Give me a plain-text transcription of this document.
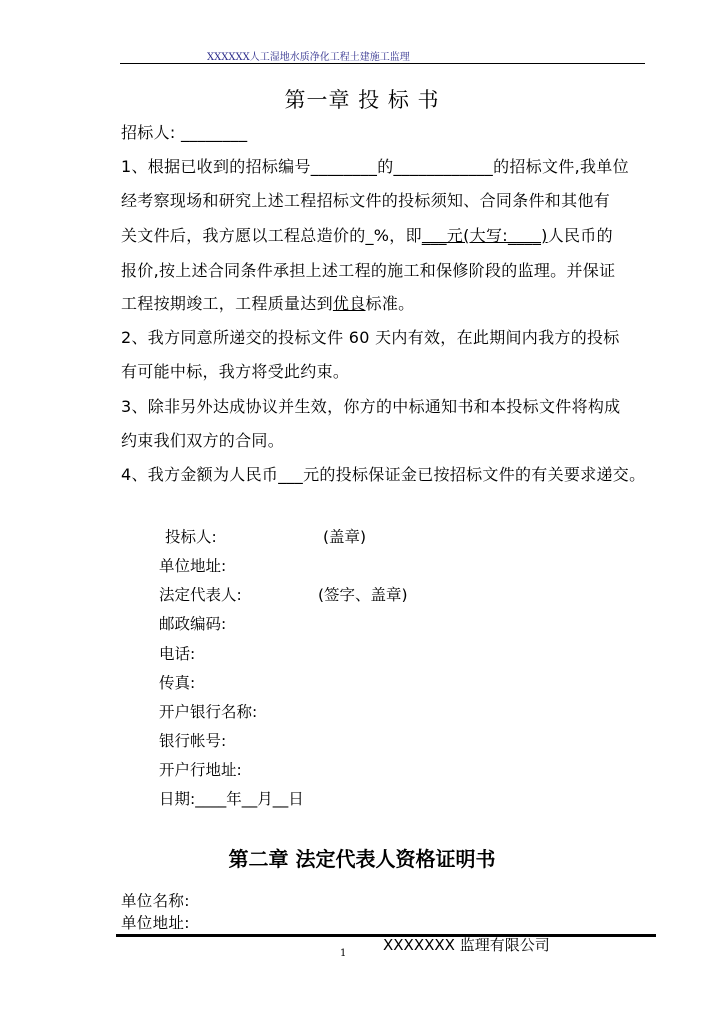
XXXXXX人工湿地水质净化工程土建施工监理
第一章 投 标 书
招标人: ________
1、根据已收到的招标编号________的____________的招标文件,我单位
经考察现场和研究上述工程招标文件的投标须知、合同条件和其他有
关文件后，我方愿以工程总造价的_%，即___元(大写:____)人民币的
报价,按上述合同条件承担上述工程的施工和保修阶段的监理。并保证
工程按期竣工，工程质量达到优良标准。
2、我方同意所递交的投标文件 60 天内有效，在此期间内我方的投标
有可能中标，我方将受此约束。
3、除非另外达成协议并生效，你方的中标通知书和本投标文件将构成
约束我们双方的合同。
4、我方金额为人民币___元的投标保证金已按招标文件的有关要求递交。
投标人:	(盖章)
单位地址:
法定代表人:	(签字、盖章)
邮政编码:
电话:
传真:
开户银行名称:
银行帐号:
开户行地址:
日期:____年__月__日
第二章 法定代表人资格证明书
单位名称:
单位地址:
XXXXXXX 监理有限公司
1
